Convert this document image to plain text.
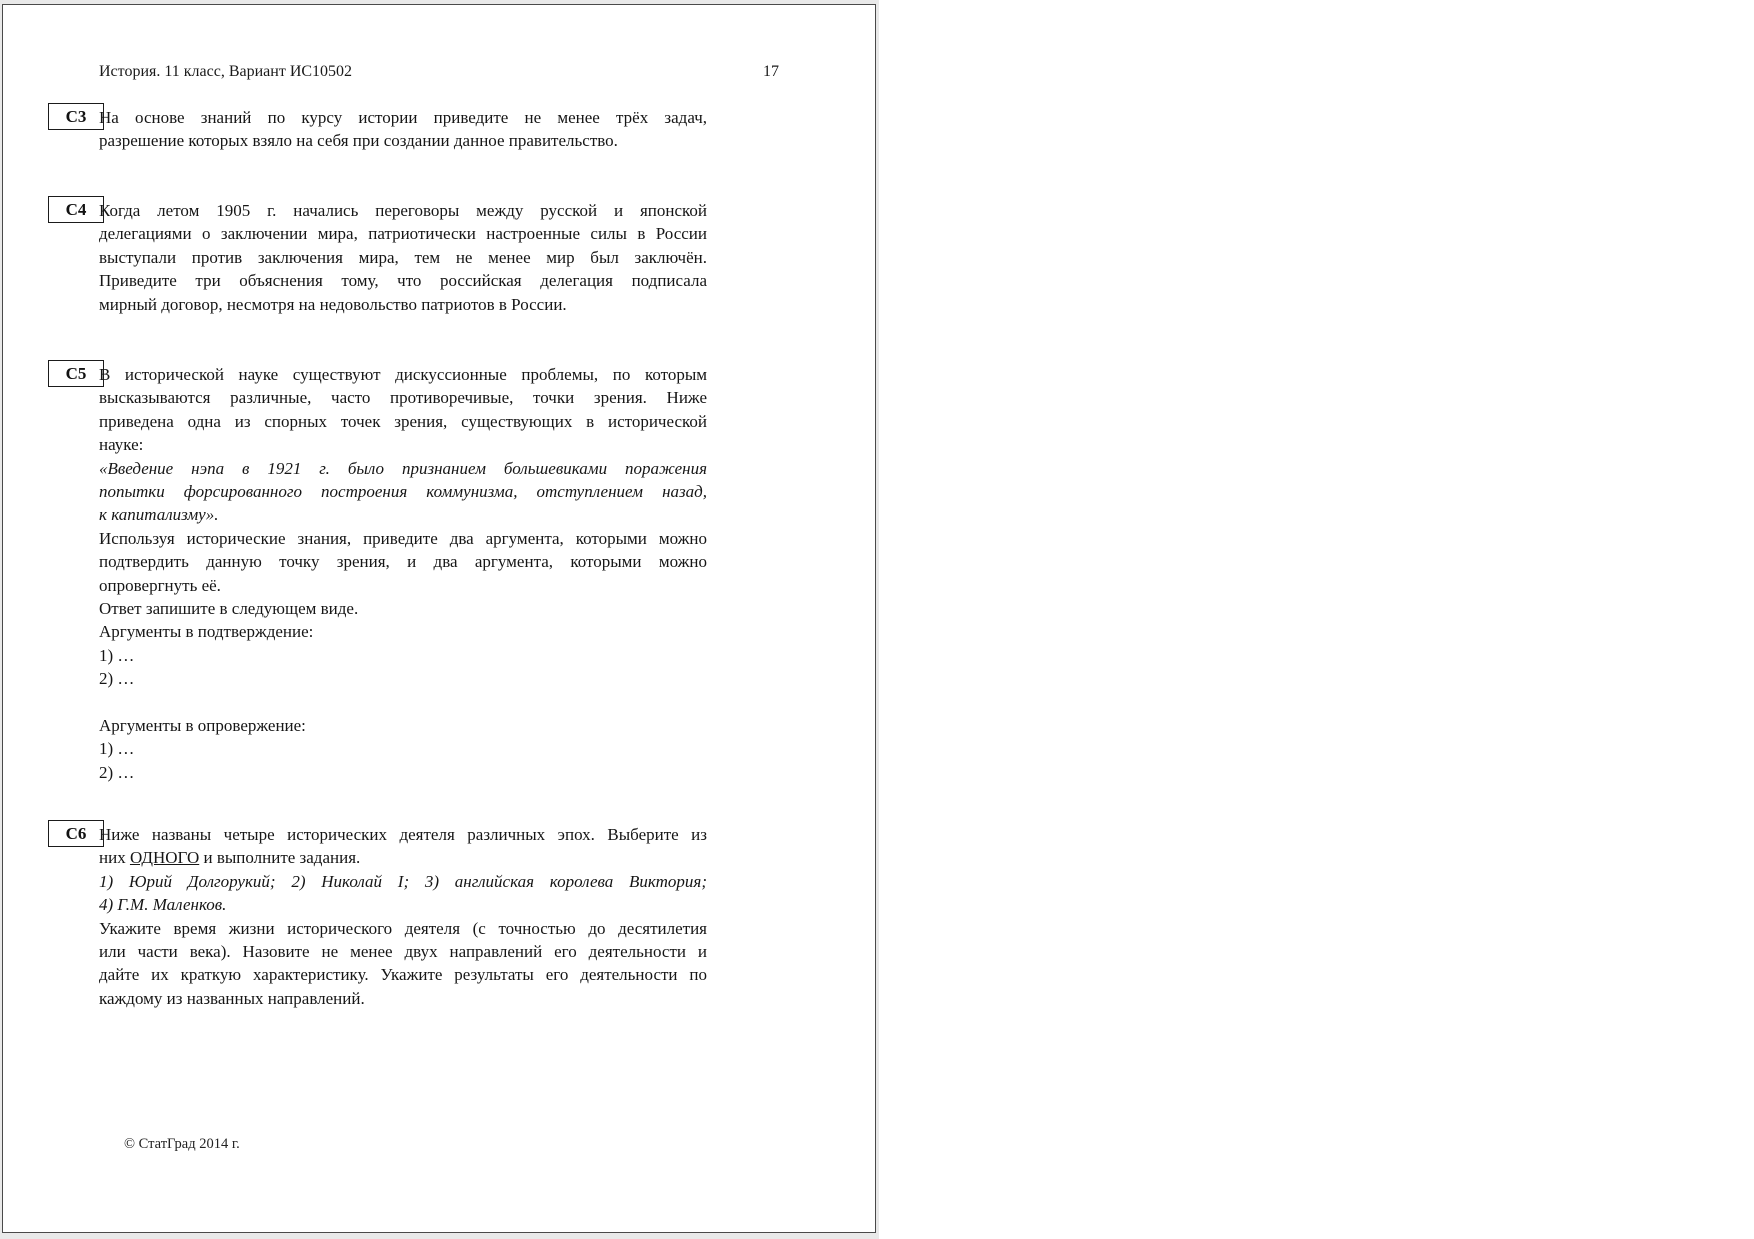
История. 11 класс, Вариант ИС10502	17
С3 На основе знаний по курсу истории приведите не менее трёх задач,
разрешение которых взяло на себя при создании данное правительство.
С4 Когда летом 1905 г. начались переговоры между русской и японской
делегациями о заключении мира, патриотически настроенные силы в России
выступали против заключения мира, тем не менее мир был заключён.
Приведите три объяснения тому, что российская делегация подписала
мирный договор, несмотря на недовольство патриотов в России.
С5 В исторической науке существуют дискуссионные проблемы, по которым
высказываются различные, часто противоречивые, точки зрения. Ниже
приведена одна из спорных точек зрения, существующих в исторической
науке:
«Введение нэпа в 1921 г. было признанием большевиками поражения
попытки форсированного построения коммунизма, отступлением назад,
к капитализму».
Используя исторические знания, приведите два аргумента, которыми можно
подтвердить данную точку зрения, и два аргумента, которыми можно
опровергнуть её.
Ответ запишите в следующем виде.
Аргументы в подтверждение:
1) …
2) …
Аргументы в опровержение:
1) …
2) …
С6 Ниже названы четыре исторических деятеля различных эпох. Выберите из
них ОДНОГО и выполните задания.
1) Юрий Долгорукий; 2) Николай I; 3) английская королева Виктория;
4) Г.М. Маленков.
Укажите время жизни исторического деятеля (с точностью до десятилетия
или части века). Назовите не менее двух направлений его деятельности и
дайте их краткую характеристику. Укажите результаты его деятельности по
каждому из названных направлений.
© СтатГрад 2014 г.
